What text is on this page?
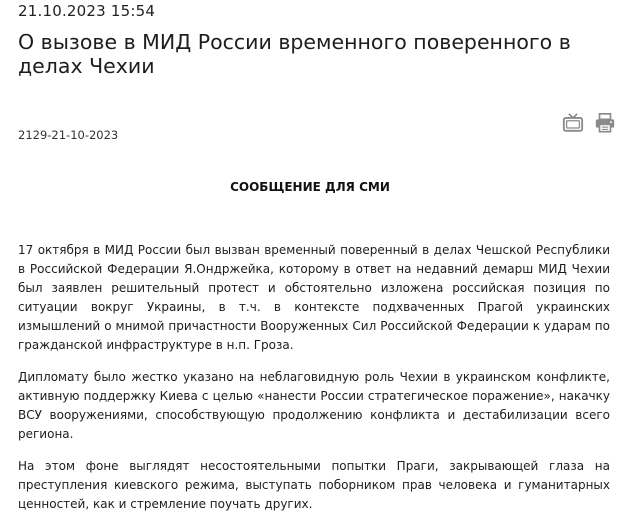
21.10.2023 15:54
О вызове в МИД России временного поверенного в делах Чехии
2129-21-10-2023
СООБЩЕНИЕ ДЛЯ СМИ

17 октября в МИД России был вызван временный поверенный в делах Чешской Республики в Российской Федерации Я.Ондржейка, которому в ответ на недавний демарш МИД Чехии был заявлен решительный протест и обстоятельно изложена российская позиция по ситуации вокруг Украины, в т.ч. в контексте подхваченных Прагой украинских измышлений о мнимой причастности Вооруженных Сил Российской Федерации к ударам по гражданской инфраструктуре в н.п. Гроза.

Дипломату было жестко указано на неблаговидную роль Чехии в украинском конфликте, активную поддержку Киева с целью «нанести России стратегическое поражение», накачку ВСУ вооружениями, способствующую продолжению конфликта и дестабилизации всего региона.

На этом фоне выглядят несостоятельными попытки Праги, закрывающей глаза на преступления киевского режима, выступать поборником прав человека и гуманитарных ценностей, как и стремление поучать других.
